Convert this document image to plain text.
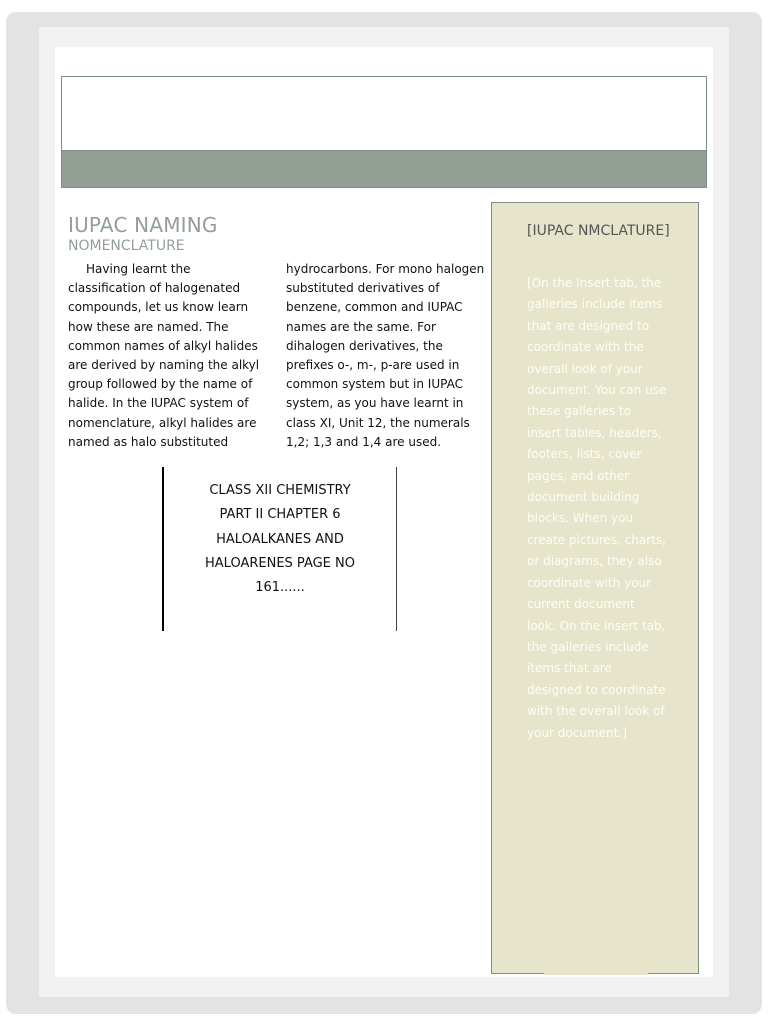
IUPAC NAMING
NOMENCLATURE
Having learnt the classification of halogenated compounds, let us know learn how these are named. The common names of alkyl halides are derived by naming the alkyl group followed by the name of halide. In the IUPAC system of nomenclature, alkyl halides are named as halo substituted
hydrocarbons. For mono halogen substituted derivatives of benzene, common and IUPAC names are the same. For dihalogen derivatives, the prefixes o-, m-, p-are used in common system but in IUPAC system, as you have learnt in class XI, Unit 12, the numerals 1,2; 1,3 and 1,4 are used.
CLASS XII CHEMISTRY
PART II CHAPTER 6
HALOALKANES AND
HALOARENES PAGE NO
161......
[IUPAC NMCLATURE]
[On the Insert tab, the galleries include items that are designed to coordinate with the overall look of your document. You can use these galleries to insert tables, headers, footers, lists, cover pages, and other document building blocks. When you create pictures, charts, or diagrams, they also coordinate with your current document look. On the insert tab, the galleries include items that are designed to coordinate with the overall look of your document.]
